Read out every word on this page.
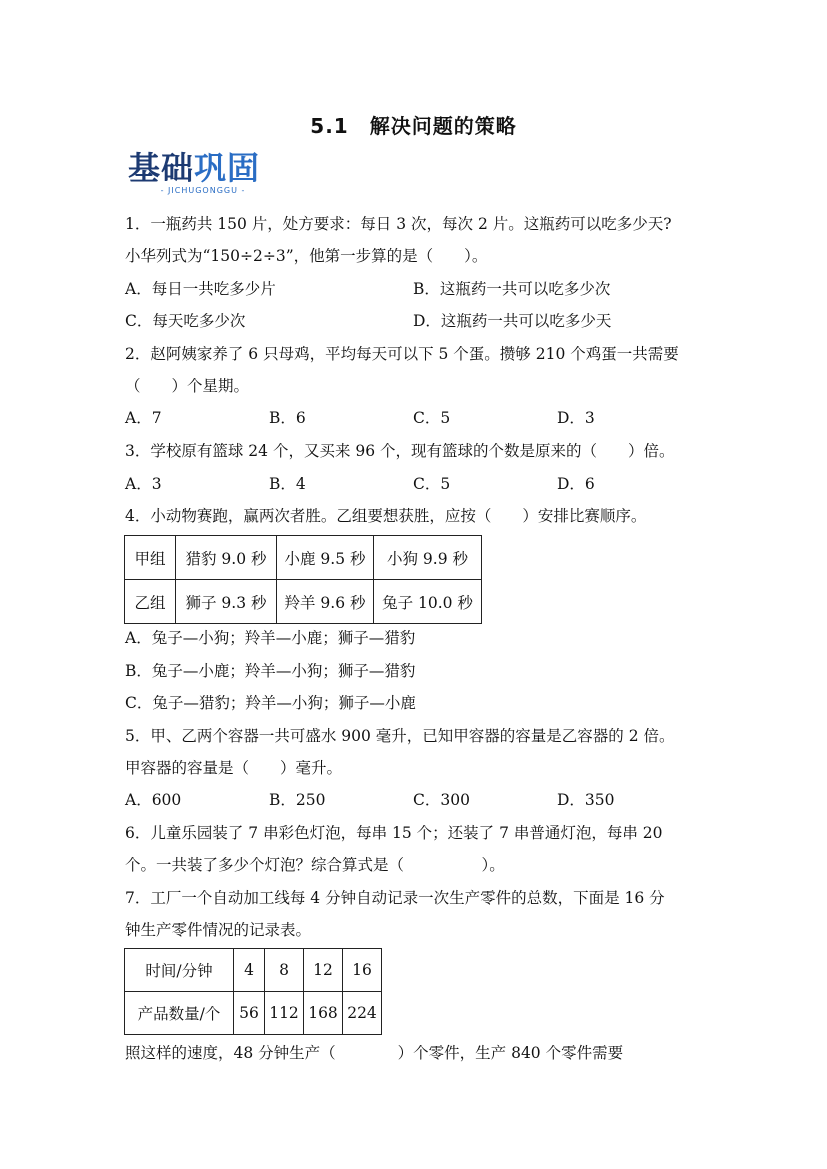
5.1　解决问题的策略
基础巩固
- JICHUGONGGU -
1．一瓶药共 150 片，处方要求：每日 3 次，每次 2 片。这瓶药可以吃多少天?
小华列式为“150÷2÷3”，他第一步算的是（　　）。
A．每日一共吃多少片	B．这瓶药一共可以吃多少次
C．每天吃多少次	D．这瓶药一共可以吃多少天
2．赵阿姨家养了 6 只母鸡，平均每天可以下 5 个蛋。攒够 210 个鸡蛋一共需要
（　　）个星期。
A．7	B．6	C．5	D．3
3．学校原有篮球 24 个，又买来 96 个，现有篮球的个数是原来的（　　）倍。
A．3	B．4	C．5	D．6
4．小动物赛跑，赢两次者胜。乙组要想获胜，应按（　　）安排比赛顺序。
甲组	猎豹 9.0 秒	小鹿 9.5 秒	小狗 9.9 秒
乙组	狮子 9.3 秒	羚羊 9.6 秒	兔子 10.0 秒
A．兔子—小狗；羚羊—小鹿；狮子—猎豹
B．兔子—小鹿；羚羊—小狗；狮子—猎豹
C．兔子—猎豹；羚羊—小狗；狮子—小鹿
5．甲、乙两个容器一共可盛水 900 毫升，已知甲容器的容量是乙容器的 2 倍。
甲容器的容量是（　　）毫升。
A．600	B．250	C．300	D．350
6．儿童乐园装了 7 串彩色灯泡，每串 15 个；还装了 7 串普通灯泡，每串 20
个。一共装了多少个灯泡？综合算式是（　　　　　）。
7．工厂一个自动加工线每 4 分钟自动记录一次生产零件的总数，下面是 16 分
钟生产零件情况的记录表。
时间/分钟	4	8	12	16
产品数量/个	56	112	168	224
照这样的速度，48 分钟生产（　　　　）个零件，生产 840 个零件需要
